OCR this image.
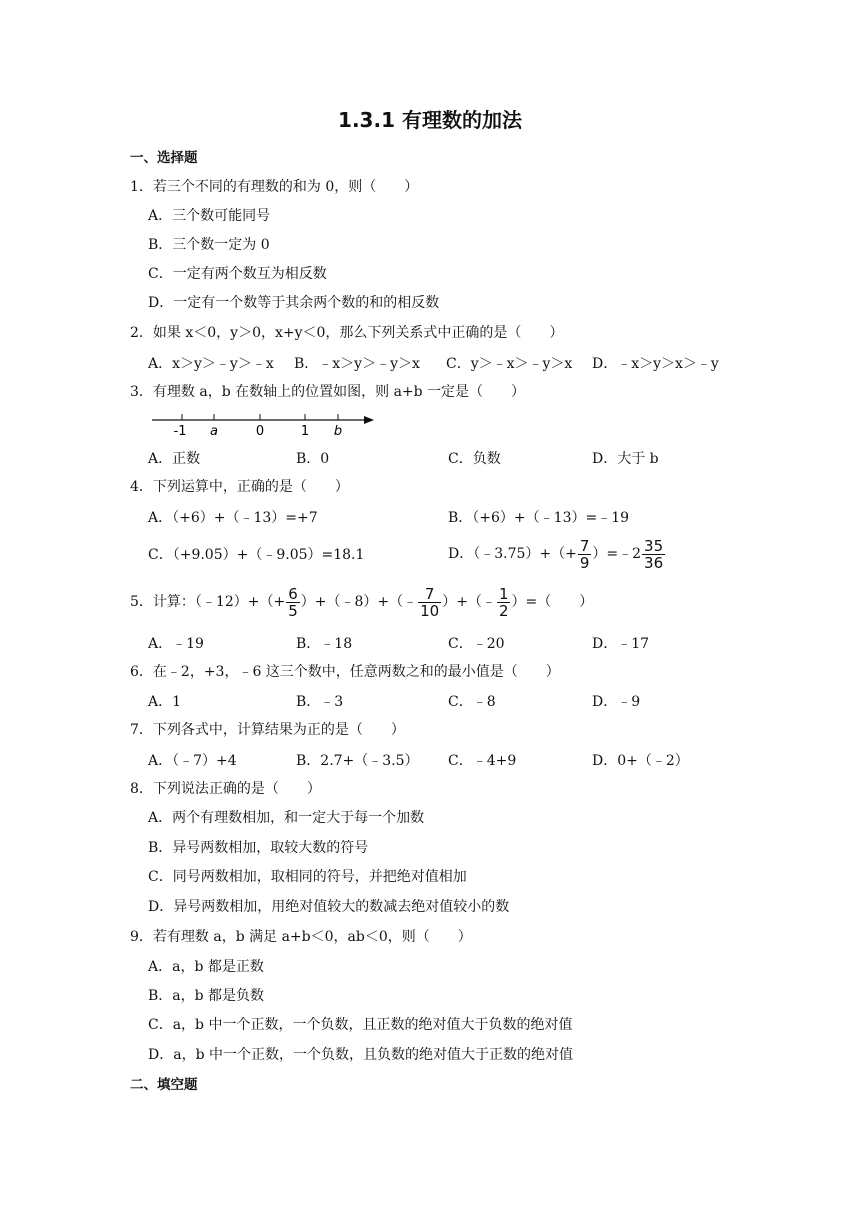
1.3.1 有理数的加法
一、选择题
1．若三个不同的有理数的和为 0，则（　　）
A．三个数可能同号
B．三个数一定为 0
C．一定有两个数互为相反数
D．一定有一个数等于其余两个数的和的相反数
2．如果 x＜0，y＞0，x+y＜0，那么下列关系式中正确的是（　　）
A．x＞y＞﹣y＞﹣x B．﹣x＞y＞﹣y＞x C．y＞﹣x＞﹣y＞x D．﹣x＞y＞x＞﹣y
3．有理数 a，b 在数轴上的位置如图，则 a+b 一定是（　　）
-1 a	0	1 b
A．正数	B．0	C．负数	D．大于 b
4．下列运算中，正确的是（　　）
A．（+6）+（﹣13）=+7	B．（+6）+（﹣13）=﹣19
C．（+9.05）+（﹣9.05）=18.1	D．（﹣3.75）+（+ $\frac{7}{9}$ ）=﹣2 $\frac{35}{36}$
5．计算：（﹣12）+（+ $\frac{6}{5}$ ）+（﹣8）+（﹣ $\frac{7}{10}$ ）+（﹣ $\frac{1}{2}$ ）=（　　）
A．﹣19	B．﹣18	C．﹣20	D．﹣17
6．在﹣2，+3，﹣6 这三个数中，任意两数之和的最小值是（　　）
A．1	B．﹣3	C．﹣8	D．﹣9
7．下列各式中，计算结果为正的是（　　）
A．（﹣7）+4	B．2.7+（﹣3.5） C．﹣4+9	D．0+（﹣2）
8．下列说法正确的是（　　）
A．两个有理数相加，和一定大于每一个加数
B．异号两数相加，取较大数的符号
C．同号两数相加，取相同的符号，并把绝对值相加
D．异号两数相加，用绝对值较大的数减去绝对值较小的数
9．若有理数 a，b 满足 a+b＜0，ab＜0，则（　　）
A．a，b 都是正数
B．a，b 都是负数
C．a，b 中一个正数，一个负数，且正数的绝对值大于负数的绝对值
D．a，b 中一个正数，一个负数，且负数的绝对值大于正数的绝对值
二、填空题
